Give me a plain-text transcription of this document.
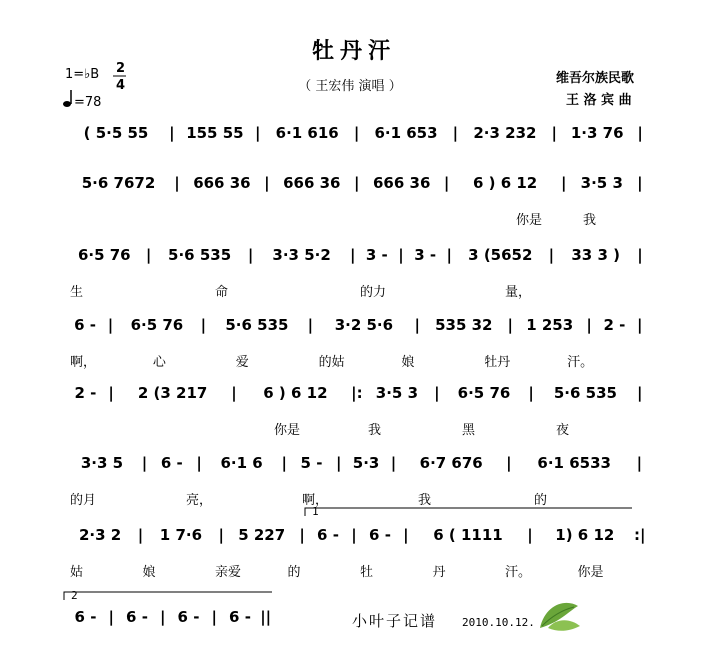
牡丹汗
（ 王宏伟 演唱 ）
1=♭B 2
4
=78
维吾尔族民歌
王 洛 宾 曲
( 5·5 55 | 155 55 | 6·1 616 | 6·1 653 | 2·3 232 | 1·3 76 |
5·6 7672 | 666 36 | 666 36 | 666 36 | 6 ) 6 12 | 3·5 3 |
你是	我
6·5 76 | 5·6 535 | 3·3 5·2 | 3 - | 3 - | 3 (5652 | 33 3 ) |
生	命	的力	量，
6 - | 6·5 76 | 5·6 535 | 3·2 5·6 | 535 32 | 1 253 | 2 - |
啊，	心	爱	的姑	娘	牡丹	汗。
2 - | 2 (3 217 | 6 ) 6 12 |: 3·5 3 | 6·5 76 | 5·6 535 |
你是	我	黑	夜
3·3 5 | 6 - | 6·1 6 | 5 - | 5·3 | 6·7 676 | 6·1 6533 |
的月	亮，	啊，	我	的
2·3 2 | 1 7·6 | 5 227 | 6 - | 6 - | 6 ( 1111 | 1) 6 12 :|
姑	娘	亲爱	的	牡	丹	汗。	你是
6 - | 6 - | 6 - | 6 - ||
1
2
小叶子记谱 2010.10.12.
